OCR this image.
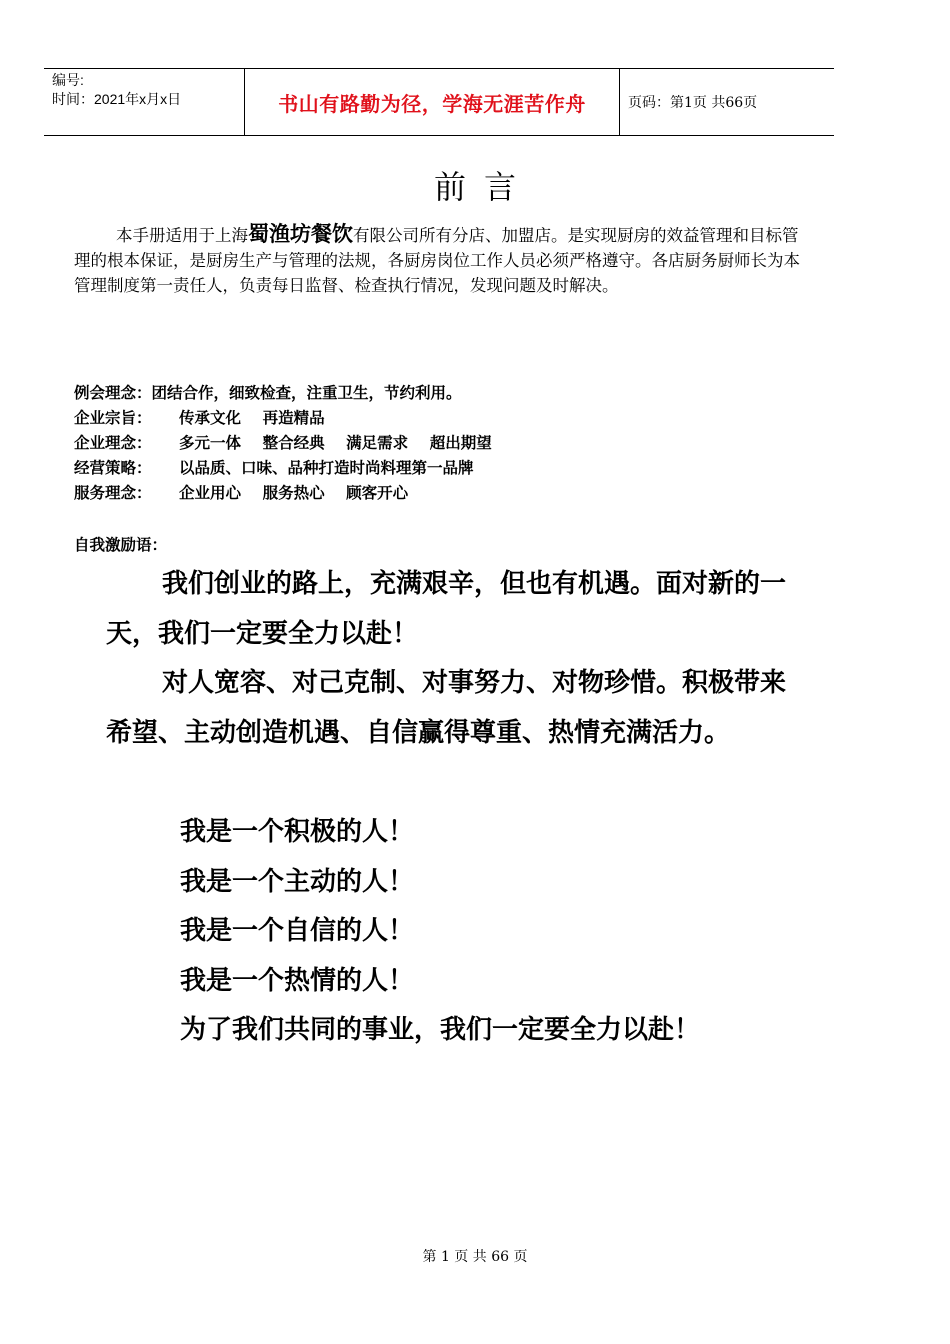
编号:
时间：2021年x月x日	书山有路勤为径，学海无涯苦作舟	页码：第1页 共66页
前言
本手册适用于上海蜀渔坊餐饮有限公司所有分店、加盟店。是实现厨房的效益管理和目标管理的根本保证，是厨房生产与管理的法规，各厨房岗位工作人员必须严格遵守。各店厨务厨师长为本管理制度第一责任人，负责每日监督、检查执行情况，发现问题及时解决。
例会理念： 团结合作，细致检查，注重卫生，节约利用。
企业宗旨：	传承文化    再造精品
企业理念：	多元一体    整合经典    满足需求    超出期望
经营策略：	以品质、口味、品种打造时尚料理第一品牌
服务理念：	企业用心    服务热心    顾客开心
自我激励语：

我们创业的路上，充满艰辛，但也有机遇。面对新的一天，我们一定要全力以赴！

对人宽容、对己克制、对事努力、对物珍惜。积极带来希望、主动创造机遇、自信赢得尊重、热情充满活力。

我是一个积极的人！
我是一个主动的人！
我是一个自信的人！
我是一个热情的人！
为了我们共同的事业，我们一定要全力以赴！
第 1 页 共 66 页
